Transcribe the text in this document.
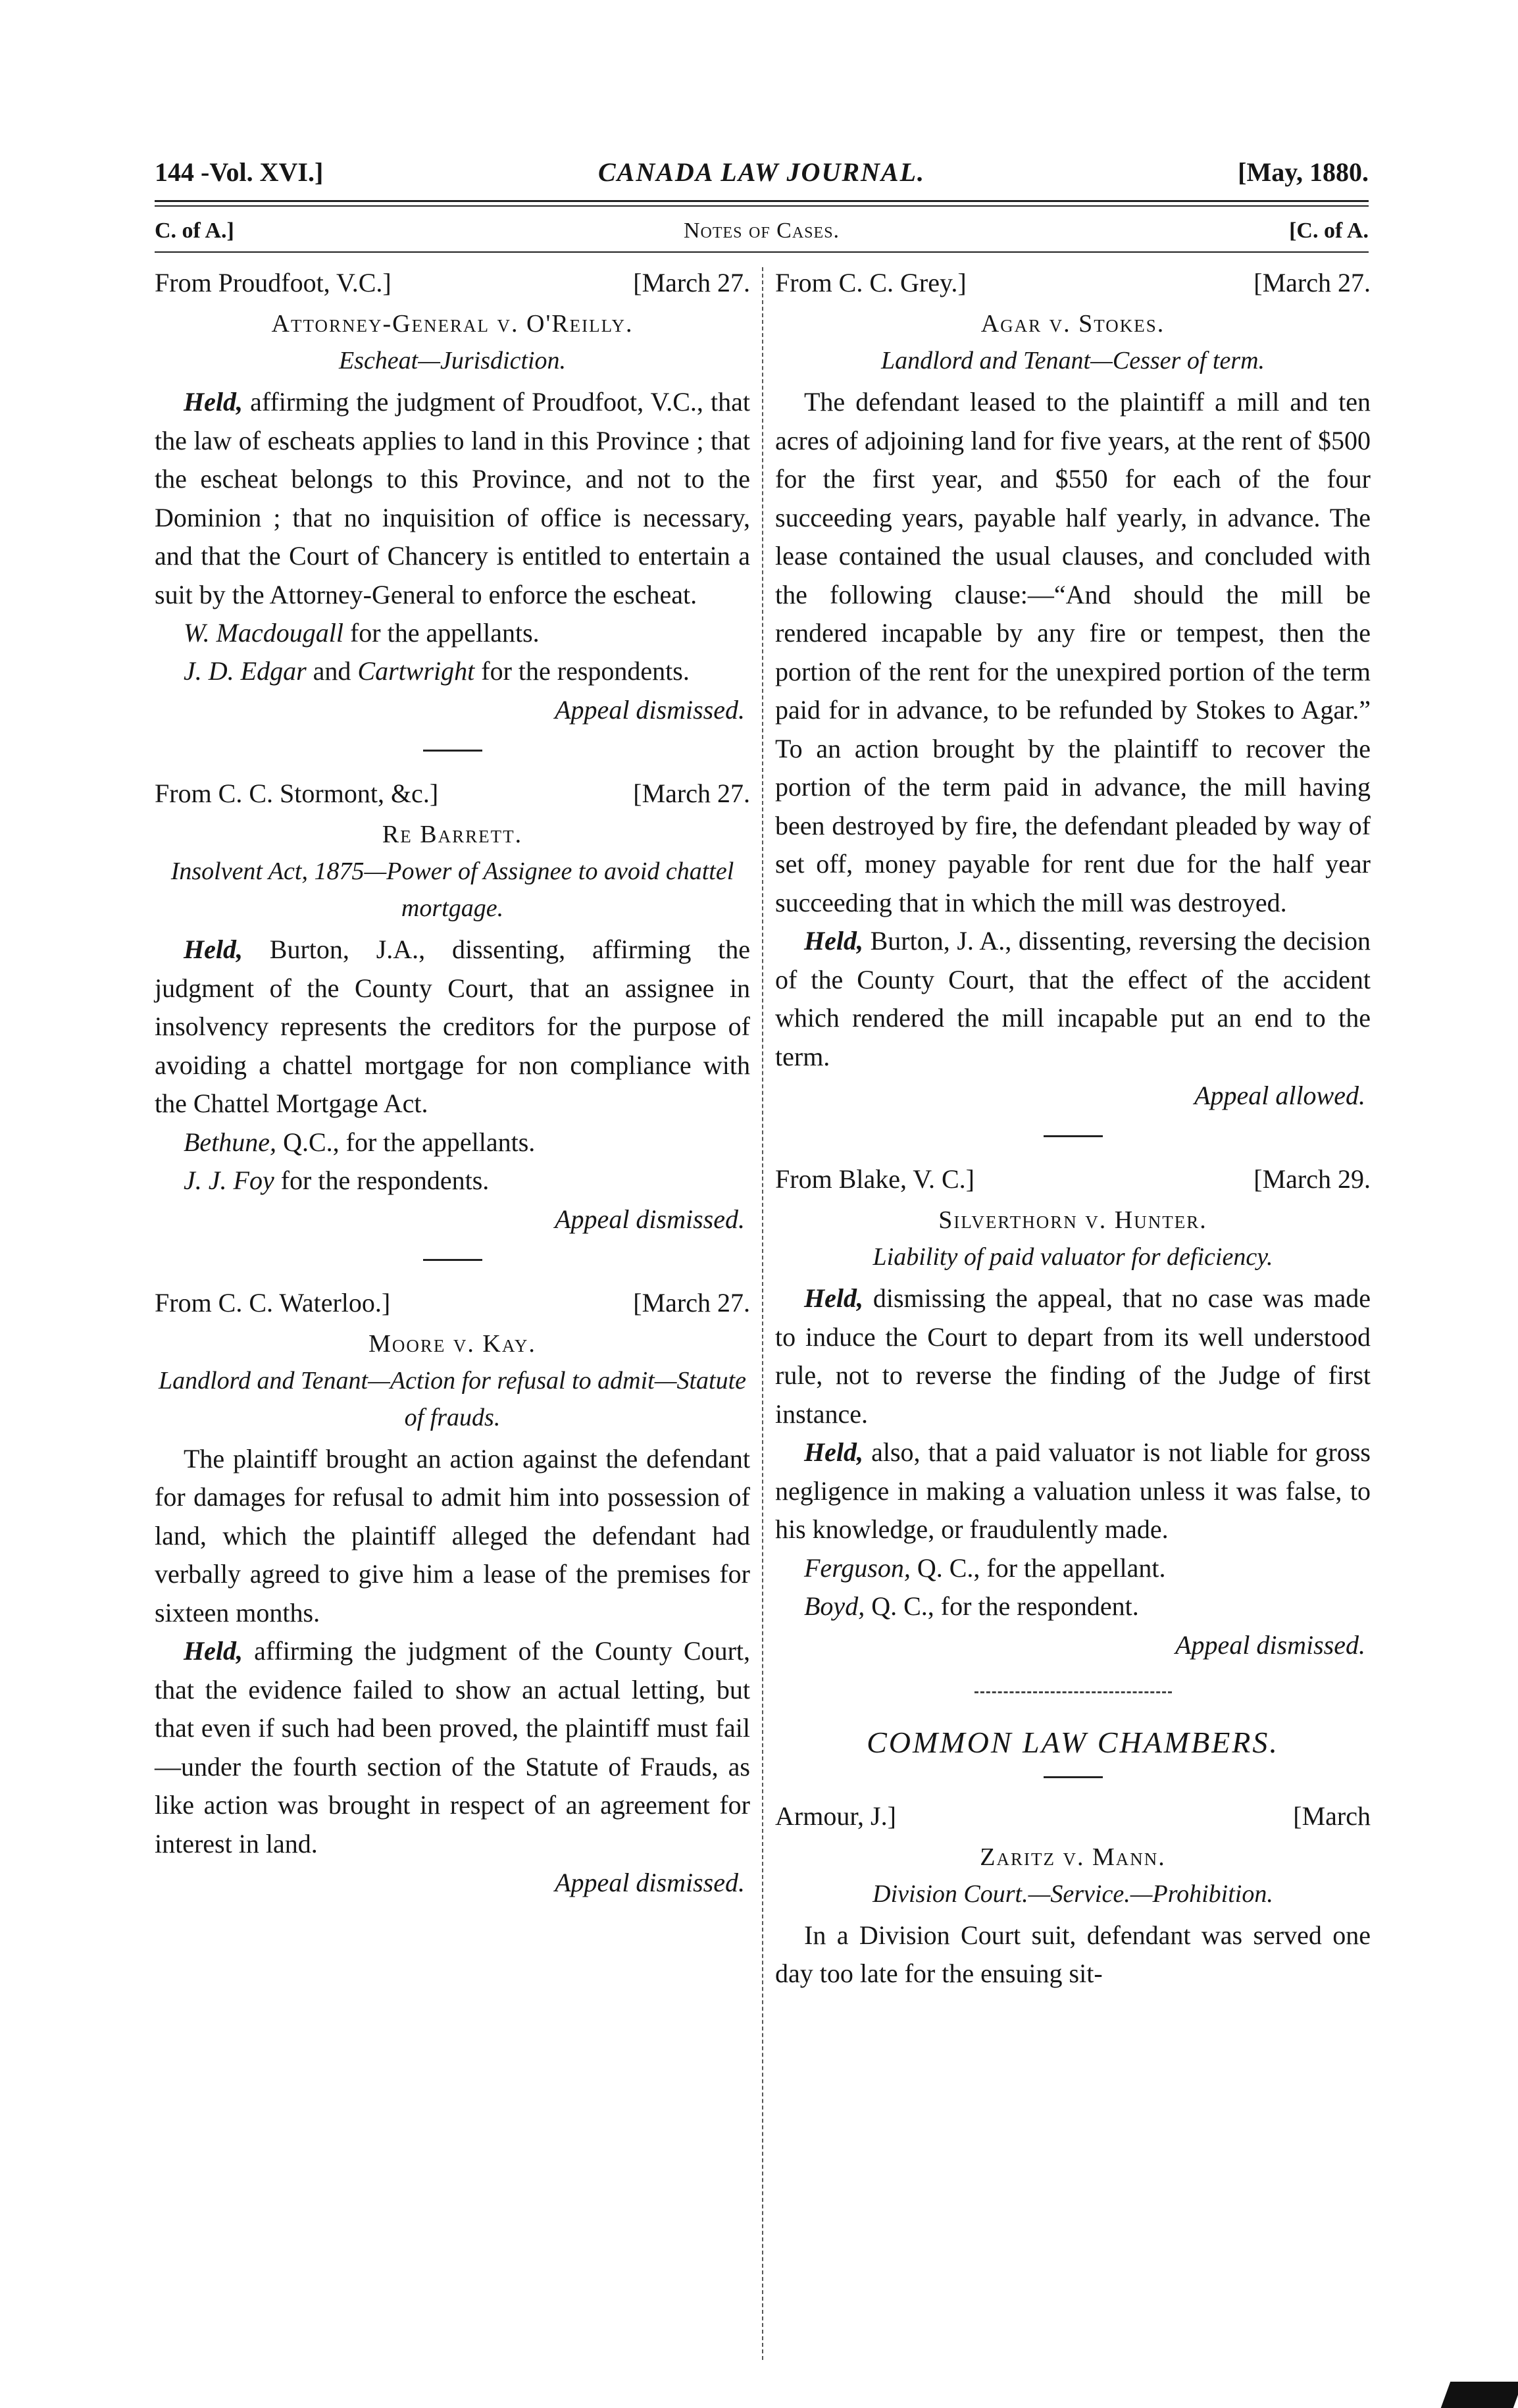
144 -Vol. XVI.]	CANADA LAW JOURNAL.	[May, 1880.
C. of A.]	Notes of Cases.	[C. of A.
From Proudfoot, V.C.]	[March 27.
Attorney-General v. O'Reilly.
Escheat—Jurisdiction.

Held, affirming the judgment of Proudfoot, V.C., that the law of escheats applies to land in this Province ; that the escheat belongs to this Province, and not to the Dominion ; that no inquisition of office is necessary, and that the Court of Chancery is entitled to entertain a suit by the Attorney-General to enforce the escheat.

W. Macdougall for the appellants.

J. D. Edgar and Cartwright for the respondents.

Appeal dismissed.
From C. C. Stormont, &c.]	[March 27.
Re Barrett.
Insolvent Act, 1875—Power of Assignee to avoid chattel mortgage.

Held, Burton, J.A., dissenting, affirming the judgment of the County Court, that an assignee in insolvency represents the creditors for the purpose of avoiding a chattel mortgage for non compliance with the Chattel Mortgage Act.

Bethune, Q.C., for the appellants.

J. J. Foy for the respondents.

Appeal dismissed.
From C. C. Waterloo.]	[March 27.
Moore v. Kay.
Landlord and Tenant—Action for refusal to admit—Statute of frauds.

The plaintiff brought an action against the defendant for damages for refusal to admit him into possession of land, which the plaintiff alleged the defendant had verbally agreed to give him a lease of the premises for sixteen months.

Held, affirming the judgment of the County Court, that the evidence failed to show an actual letting, but that even if such had been proved, the plaintiff must fail—under the fourth section of the Statute of Frauds, as like action was brought in respect of an agreement for interest in land.

Appeal dismissed.
From C. C. Grey.]	[March 27.
Agar v. Stokes.
Landlord and Tenant—Cesser of term.

The defendant leased to the plaintiff a mill and ten acres of adjoining land for five years, at the rent of $500 for the first year, and $550 for each of the four succeeding years, payable half yearly, in advance. The lease contained the usual clauses, and concluded with the following clause:—“And should the mill be rendered incapable by any fire or tempest, then the portion of the rent for the unexpired portion of the term paid for in advance, to be refunded by Stokes to Agar.” To an action brought by the plaintiff to recover the portion of the term paid in advance, the mill having been destroyed by fire, the defendant pleaded by way of set off, money payable for rent due for the half year succeeding that in which the mill was destroyed.

Held, Burton, J. A., dissenting, reversing the decision of the County Court, that the effect of the accident which rendered the mill incapable put an end to the term.

Appeal allowed.
From Blake, V. C.]	[March 29.
Silverthorn v. Hunter.
Liability of paid valuator for deficiency.

Held, dismissing the appeal, that no case was made to induce the Court to depart from its well understood rule, not to reverse the finding of the Judge of first instance.

Held, also, that a paid valuator is not liable for gross negligence in making a valuation unless it was false, to his knowledge, or fraudulently made.

Ferguson, Q. C., for the appellant.

Boyd, Q. C., for the respondent.

Appeal dismissed.
COMMON LAW CHAMBERS.
Armour, J.]	[March
Zaritz v. Mann.
Division Court.—Service.—Prohibition.

In a Division Court suit, defendant was served one day too late for the ensuing sit-
